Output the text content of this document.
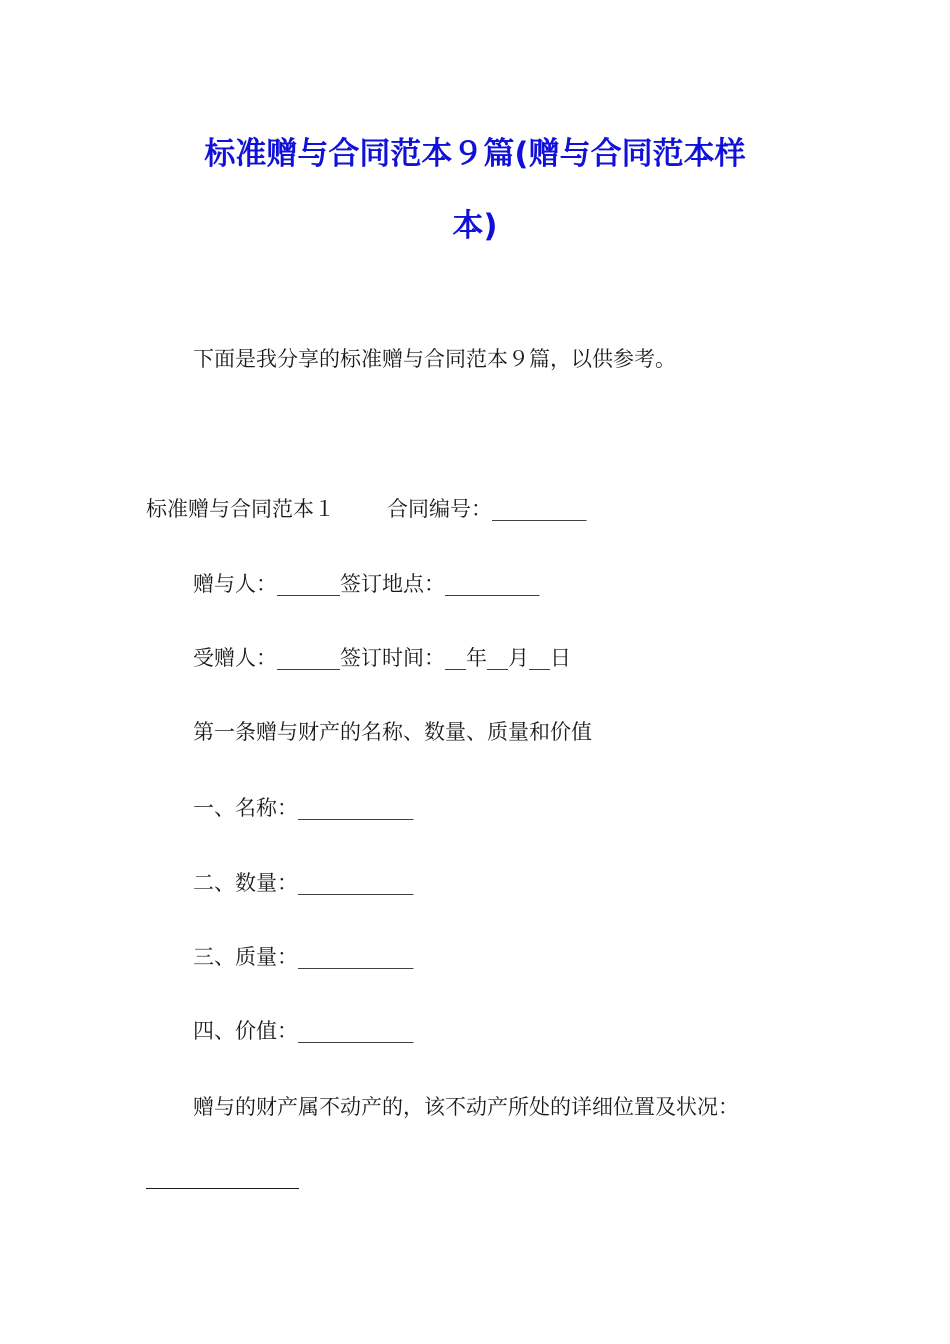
标准赠与合同范本９篇(赠与合同范本样
本)
下面是我分享的标准赠与合同范本９篇，以供参考。
标准赠与合同范本１ 合同编号：_________
赠与人：______签订地点：_________
受赠人：______签订时间：__年__月__日
第一条赠与财产的名称、数量、质量和价值
一、名称：___________
二、数量：___________
三、质量：___________
四、价值：___________
赠与的财产属不动产的，该不动产所处的详细位置及状况：
